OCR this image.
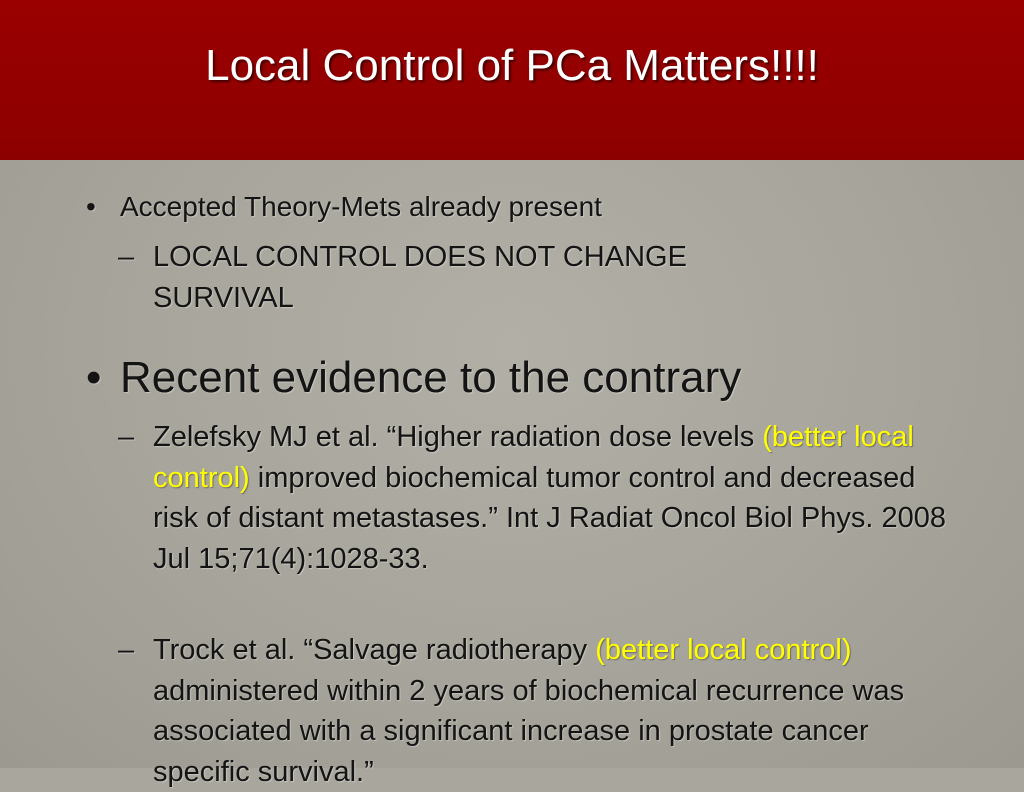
Local Control of PCa Matters!!!!
• Accepted Theory-Mets already present
– LOCAL CONTROL DOES NOT CHANGE SURVIVAL
• Recent evidence to the contrary
– Zelefsky MJ et al. “Higher radiation dose levels (better local control) improved biochemical tumor control and decreased risk of distant metastases.” Int J Radiat Oncol Biol Phys. 2008 Jul 15;71(4):1028-33.
– Trock et al. “Salvage radiotherapy (better local control) administered within 2 years of biochemical recurrence was associated with a significant increase in prostate cancer specific survival.”
